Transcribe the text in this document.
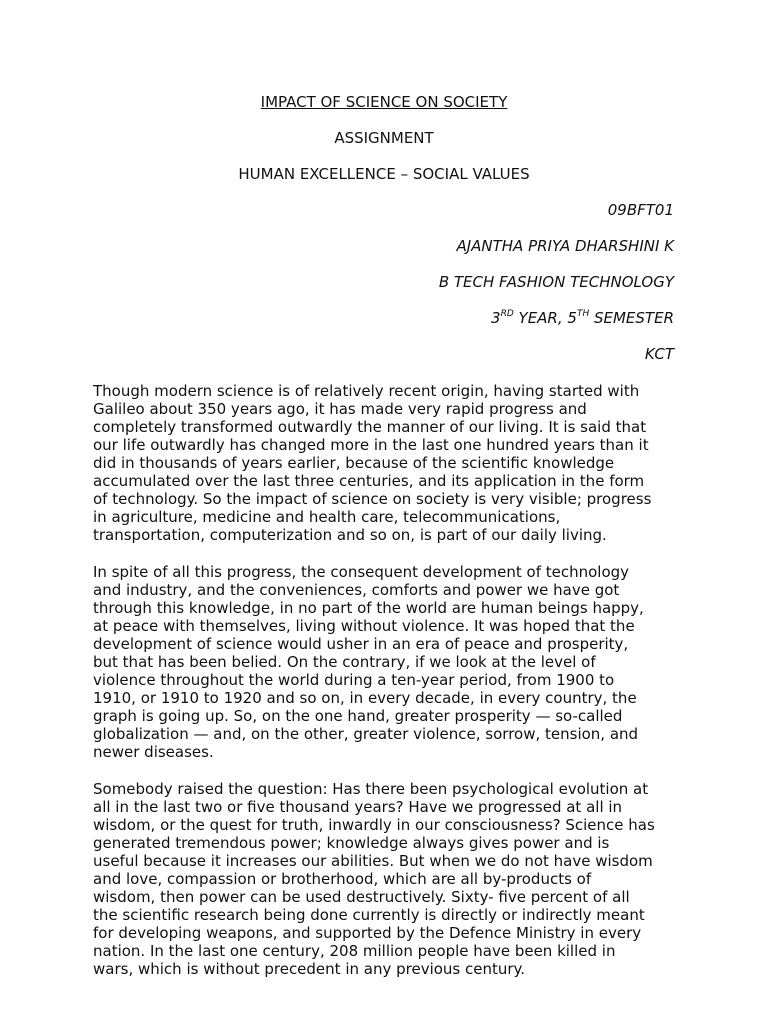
IMPACT OF SCIENCE ON SOCIETY
ASSIGNMENT
HUMAN EXCELLENCE – SOCIAL VALUES
09BFT01
AJANTHA PRIYA DHARSHINI K
B TECH FASHION TECHNOLOGY
3RD YEAR, 5TH SEMESTER
KCT
Though modern science is of relatively recent origin, having started with
Galileo about 350 years ago, it has made very rapid progress and
completely transformed outwardly the manner of our living. It is said that
our life outwardly has changed more in the last one hundred years than it
did in thousands of years earlier, because of the scientific knowledge
accumulated over the last three centuries, and its application in the form
of technology. So the impact of science on society is very visible; progress
in agriculture, medicine and health care, telecommunications,
transportation, computerization and so on, is part of our daily living.
In spite of all this progress, the consequent development of technology
and industry, and the conveniences, comforts and power we have got
through this knowledge, in no part of the world are human beings happy,
at peace with themselves, living without violence. It was hoped that the
development of science would usher in an era of peace and prosperity,
but that has been belied. On the contrary, if we look at the level of
violence throughout the world during a ten-year period, from 1900 to
1910, or 1910 to 1920 and so on, in every decade, in every country, the
graph is going up. So, on the one hand, greater prosperity — so-called
globalization — and, on the other, greater violence, sorrow, tension, and
newer diseases.
Somebody raised the question: Has there been psychological evolution at
all in the last two or five thousand years? Have we progressed at all in
wisdom, or the quest for truth, inwardly in our consciousness? Science has
generated tremendous power; knowledge always gives power and is
useful because it increases our abilities. But when we do not have wisdom
and love, compassion or brotherhood, which are all by-products of
wisdom, then power can be used destructively. Sixty- five percent of all
the scientific research being done currently is directly or indirectly meant
for developing weapons, and supported by the Defence Ministry in every
nation. In the last one century, 208 million people have been killed in
wars, which is without precedent in any previous century.
